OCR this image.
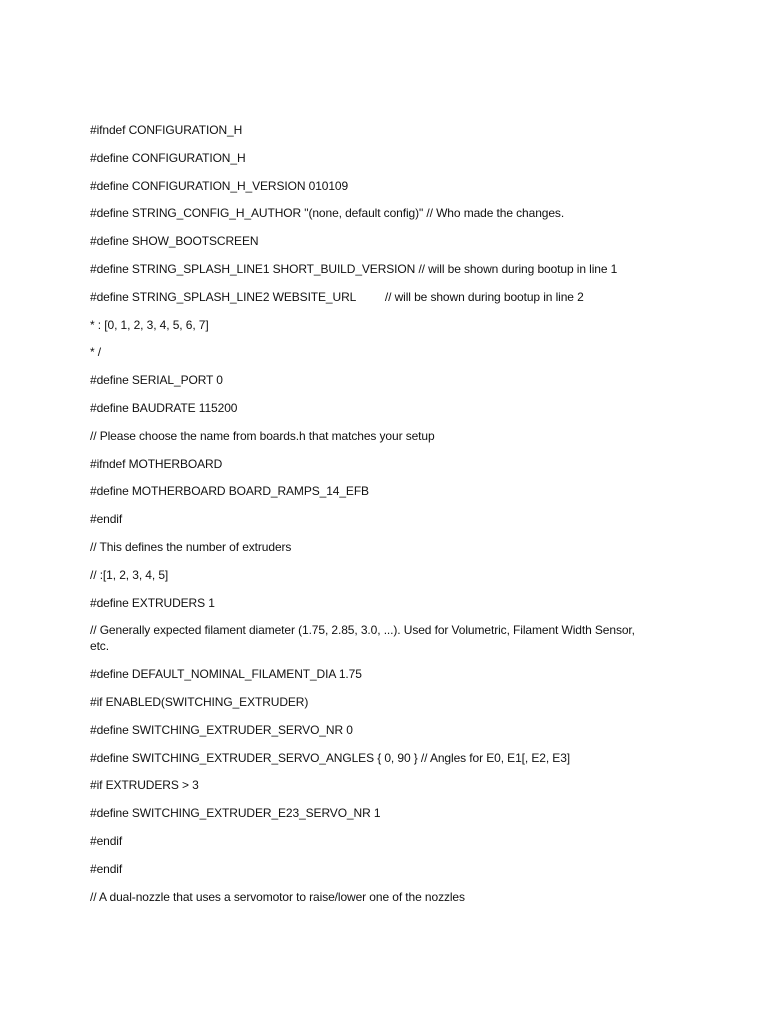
#ifndef CONFIGURATION_H

#define CONFIGURATION_H

#define CONFIGURATION_H_VERSION 010109

#define STRING_CONFIG_H_AUTHOR "(none, default config)" // Who made the changes.

#define SHOW_BOOTSCREEN

#define STRING_SPLASH_LINE1 SHORT_BUILD_VERSION // will be shown during bootup in line 1

#define STRING_SPLASH_LINE2 WEBSITE_URL         // will be shown during bootup in line 2

* : [0, 1, 2, 3, 4, 5, 6, 7]

* /

#define SERIAL_PORT 0

#define BAUDRATE 115200

// Please choose the name from boards.h that matches your setup

#ifndef MOTHERBOARD

#define MOTHERBOARD BOARD_RAMPS_14_EFB

#endif

// This defines the number of extruders

// :[1, 2, 3, 4, 5]

#define EXTRUDERS 1

// Generally expected filament diameter (1.75, 2.85, 3.0, ...). Used for Volumetric, Filament Width Sensor, etc.

#define DEFAULT_NOMINAL_FILAMENT_DIA 1.75

#if ENABLED(SWITCHING_EXTRUDER)

#define SWITCHING_EXTRUDER_SERVO_NR 0

#define SWITCHING_EXTRUDER_SERVO_ANGLES { 0, 90 } // Angles for E0, E1[, E2, E3]

#if EXTRUDERS > 3

#define SWITCHING_EXTRUDER_E23_SERVO_NR 1

#endif

#endif

// A dual-nozzle that uses a servomotor to raise/lower one of the nozzles
